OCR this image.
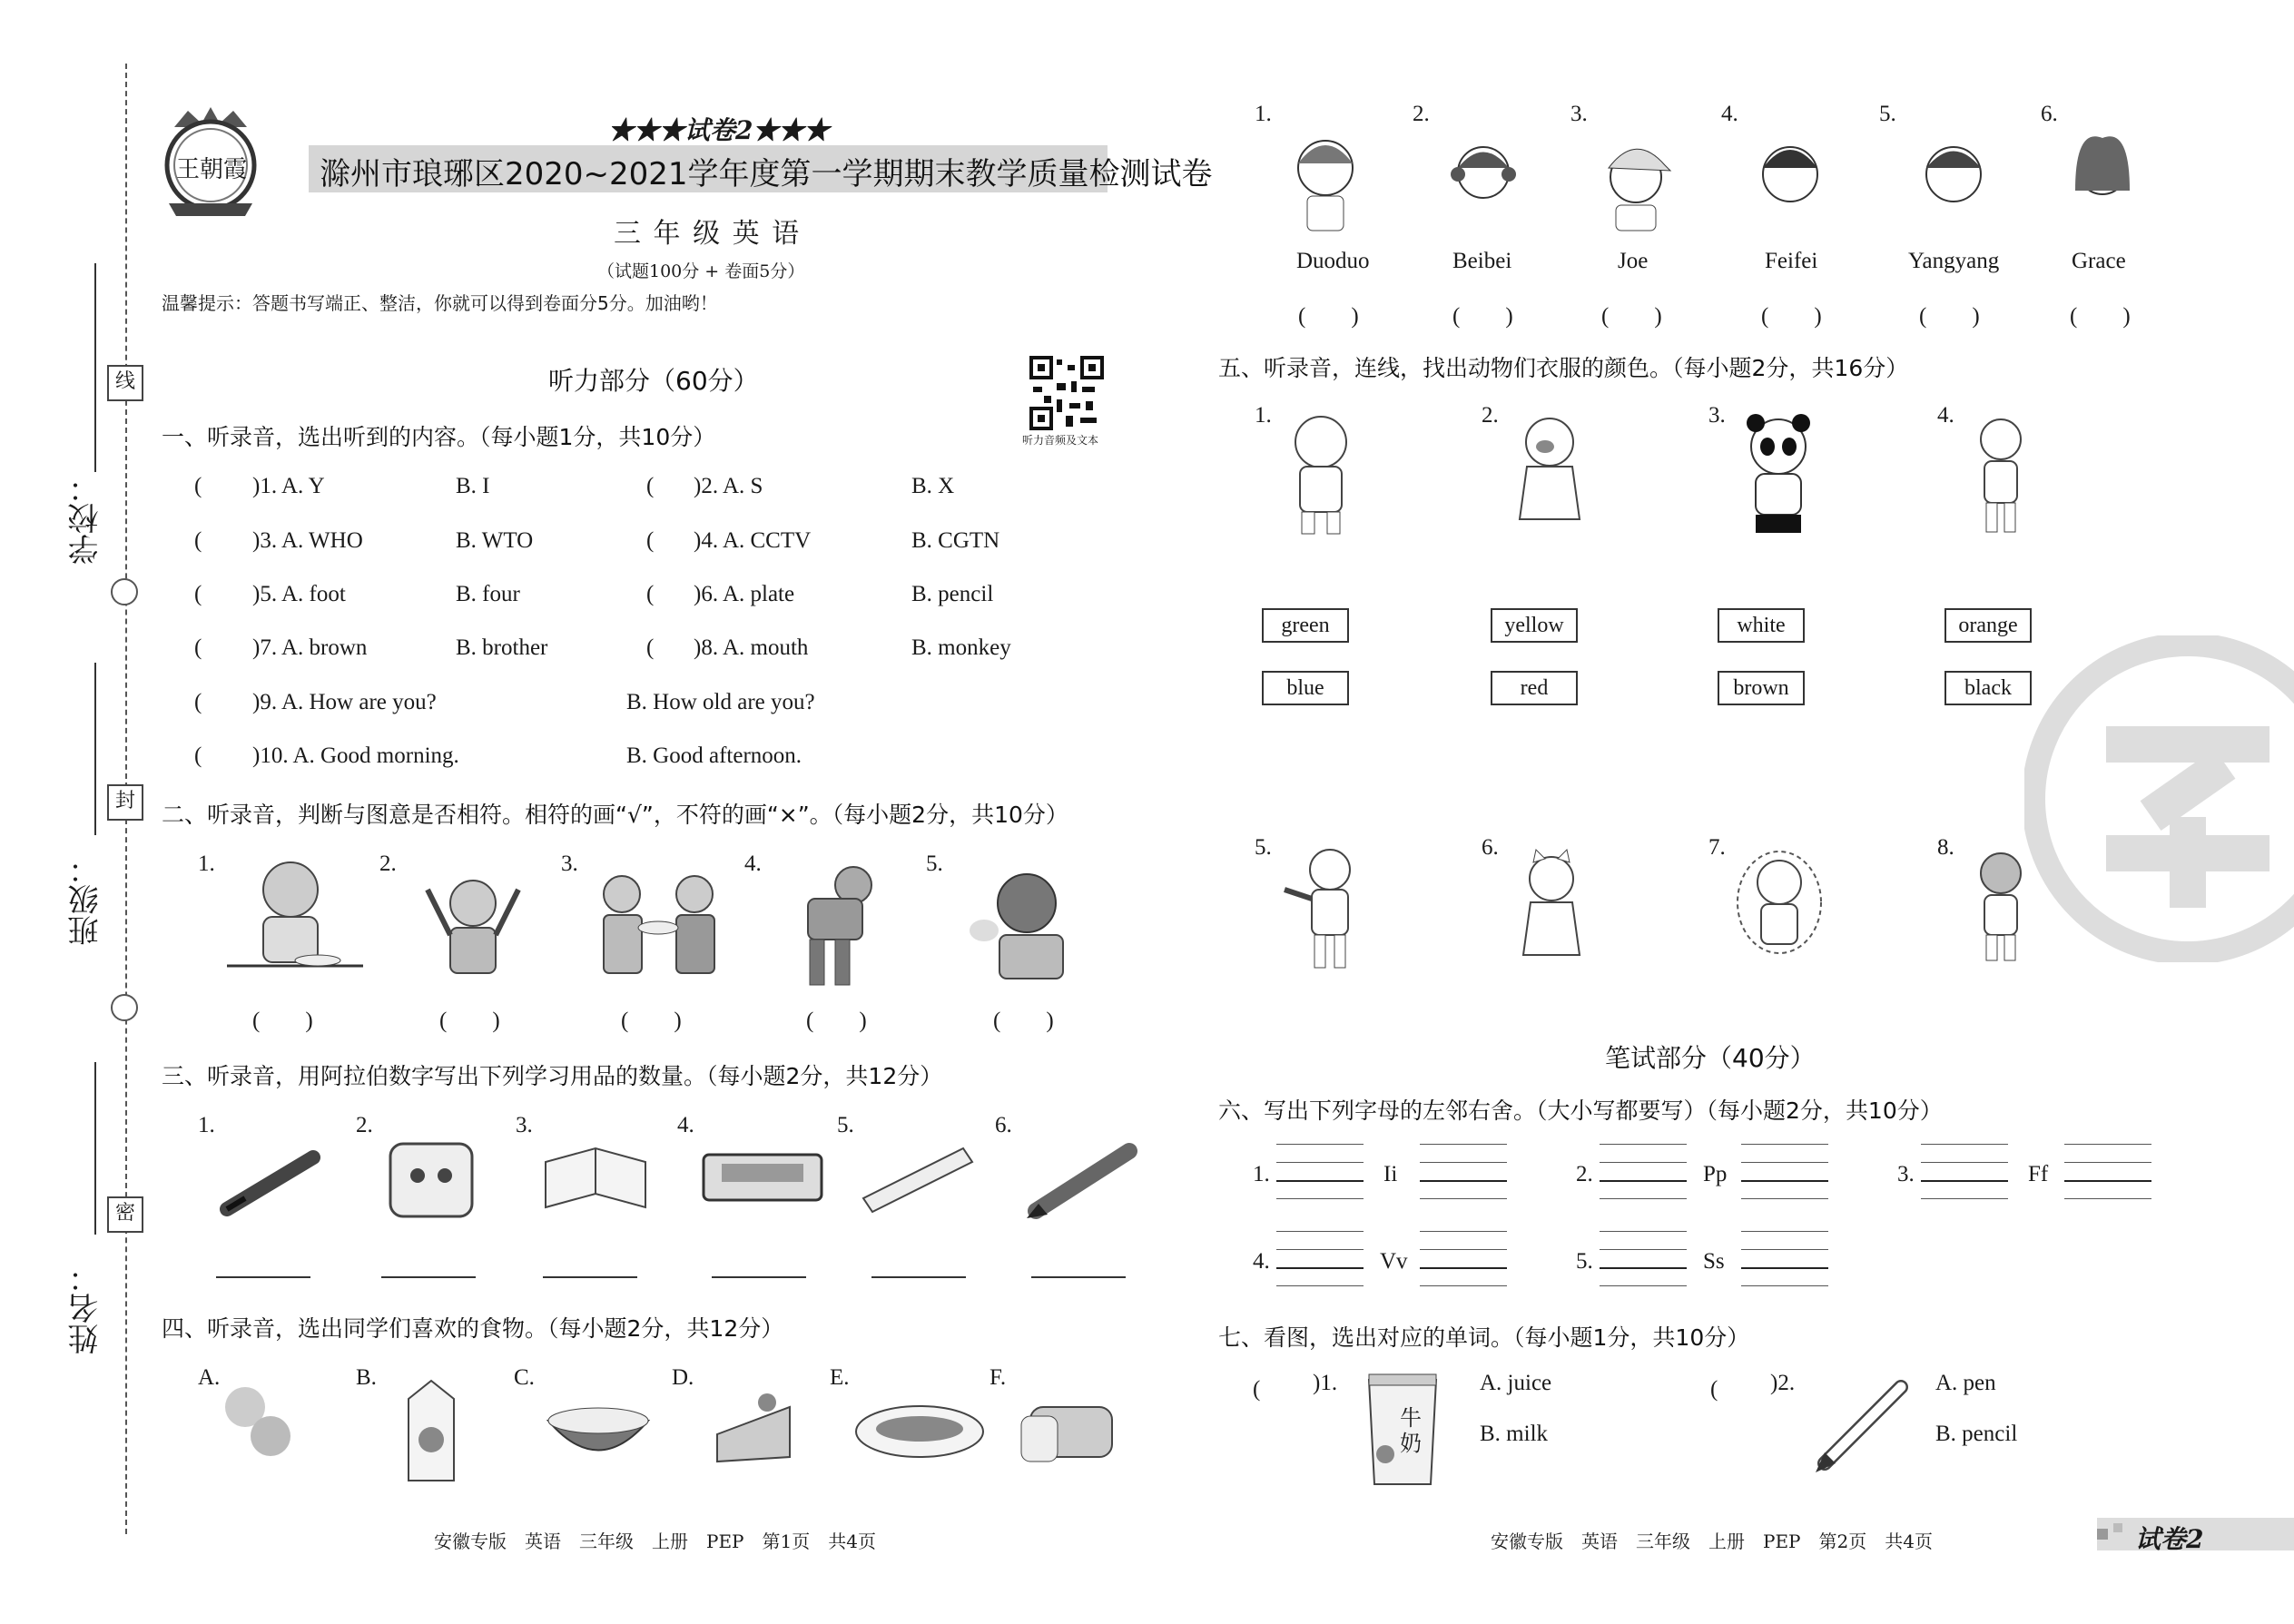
学校：
班级：
姓名：
线
封
密
王朝霞
★★★试卷2★★★
滁州市琅琊区2020~2021学年度第一学期期末教学质量检测试卷
三 年 级 英 语
（试题100分 + 卷面5分）
温馨提示：答题书写端正、整洁，你就可以得到卷面分5分。加油哟！
听力音频及文本
听力部分（60分）
一、听录音，选出听到的内容。（每小题1分，共10分）
( )1. A. Y	B. I	( )2. A. S	B. X
( )3. A. WHO	B. WTO	( )4. A. CCTV	B. CGTN
( )5. A. foot	B. four	( )6. A. plate	B. pencil
( )7. A. brown	B. brother	( )8. A. mouth	B. monkey
( )9. A. How are you?	B. How old are you?
( )10. A. Good morning.	B. Good afternoon.
二、听录音，判断与图意是否相符。相符的画“√”，不符的画“×”。（每小题2分，共10分）
1.	2.	3.	4.	5.
(　　)	(　　)	(　　)	(　　)	(　　)
三、听录音，用阿拉伯数字写出下列学习用品的数量。（每小题2分，共12分）
1.	2.	3.	4.	5.	6.
四、听录音，选出同学们喜欢的食物。（每小题2分，共12分）
A.	B.	C.	D.	E.	F.
1.	2.	3.	4.	5.	6.
Duoduo	Beibei	Joe	Feifei	Yangyang	Grace
(　　)	(　　)	(　　)	(　　)	(　　)	(　　)
五、听录音，连线，找出动物们衣服的颜色。（每小题2分，共16分）
1.	2.	3.	4.
green	yellow	white	orange
blue	red	brown	black
5.	6.	7.	8.
笔试部分（40分）
六、写出下列字母的左邻右舍。（大小写都要写）（每小题2分，共10分）
1.	Ii	2.	Pp	3.	Ff
4.	Vv	5.	Ss
七、看图，选出对应的单词。（每小题1分，共10分）
(　　 )1.
牛奶
A. juice
B. milk
(　　 )2.	A. pen
B. pencil
安徽专版　英语　三年级　上册　PEP　第1页　共4页	安徽专版　英语　三年级　上册　PEP　第2页　共4页	试卷2
